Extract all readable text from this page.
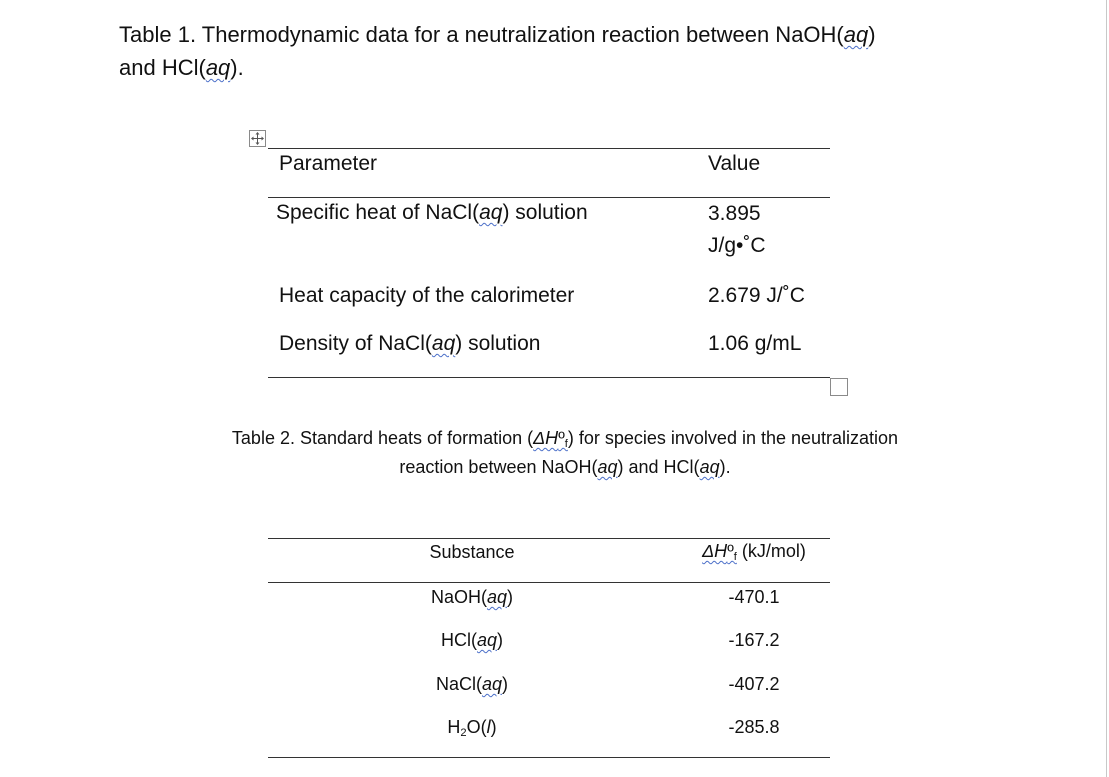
Table 1. Thermodynamic data for a neutralization reaction between NaOH(aq)
and HCl(aq).
Parameter	Value
Specific heat of NaCl(aq) solution	3.895
J/g•˚C
Heat capacity of the calorimeter	2.679 J/˚C
Density of NaCl(aq) solution	1.06 g/mL
Table 2. Standard heats of formation (ΔHº$_f$) for species involved in the neutralization
reaction between NaOH(aq) and HCl(aq).
Substance	ΔHº$_f$ (kJ/mol)
NaOH(aq)	-470.1
HCl(aq)	-167.2
NaCl(aq)	-407.2
$H_2O(l)$	-285.8
